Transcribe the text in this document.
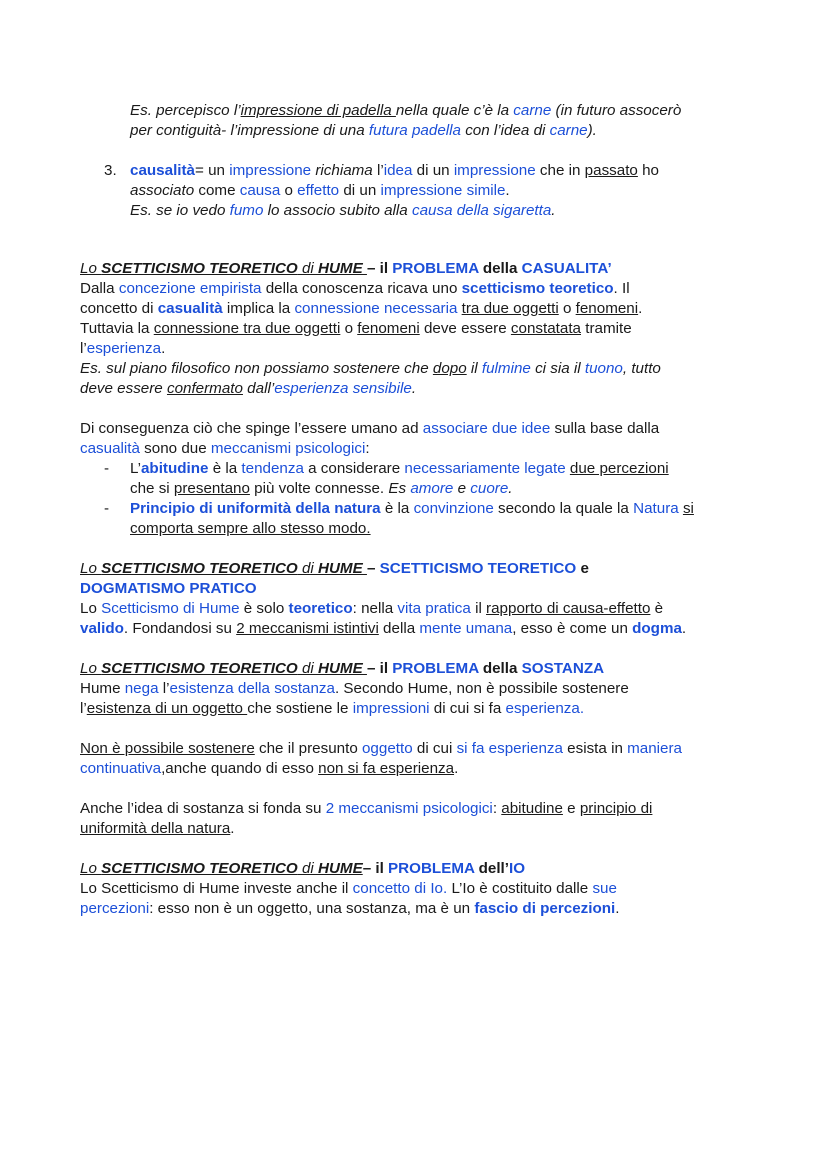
Es. percepisco l’impressione di padella nella quale c’è la carne (in futuro assocerò
per contiguità- l’impressione di una futura padella con l’idea di carne).
3. causalità= un impressione richiama l’idea di un impressione che in passato ho
associato come causa o effetto di un impressione simile.
Es. se io vedo fumo lo associo subito alla causa della sigaretta.
Lo SCETTICISMO TEORETICO di HUME – il PROBLEMA della CASUALITA’
Dalla concezione empirista della conoscenza ricava uno scetticismo teoretico. Il
concetto di casualità implica la connessione necessaria tra due oggetti o fenomeni.
Tuttavia la connessione tra due oggetti o fenomeni deve essere constatata tramite
l’esperienza.
Es. sul piano filosofico non possiamo sostenere che dopo il fulmine ci sia il tuono, tutto
deve essere confermato dall’esperienza sensibile.
Di conseguenza ciò che spinge l’essere umano ad associare due idee sulla base dalla
casualità sono due meccanismi psicologici:
- L’abitudine è la tendenza a considerare necessariamente legate due percezioni
che si presentano più volte connesse. Es amore e cuore.
- Principio di uniformità della natura è la convinzione secondo la quale la Natura si
comporta sempre allo stesso modo.
Lo SCETTICISMO TEORETICO di HUME – SCETTICISMO TEORETICO e
DOGMATISMO PRATICO
Lo Scetticismo di Hume è solo teoretico: nella vita pratica il rapporto di causa-effetto è
valido. Fondandosi su 2 meccanismi istintivi della mente umana, esso è come un dogma.
Lo SCETTICISMO TEORETICO di HUME – il PROBLEMA della SOSTANZA
Hume nega l’esistenza della sostanza. Secondo Hume, non è possibile sostenere
l’esistenza di un oggetto che sostiene le impressioni di cui si fa esperienza.
Non è possibile sostenere che il presunto oggetto di cui si fa esperienza esista in maniera
continuativa,anche quando di esso non si fa esperienza.
Anche l’idea di sostanza si fonda su 2 meccanismi psicologici: abitudine e principio di
uniformità della natura.
Lo SCETTICISMO TEORETICO di HUME– il PROBLEMA dell’IO
Lo Scetticismo di Hume investe anche il concetto di Io. L’Io è costituito dalle sue
percezioni: esso non è un oggetto, una sostanza, ma è un fascio di percezioni.
